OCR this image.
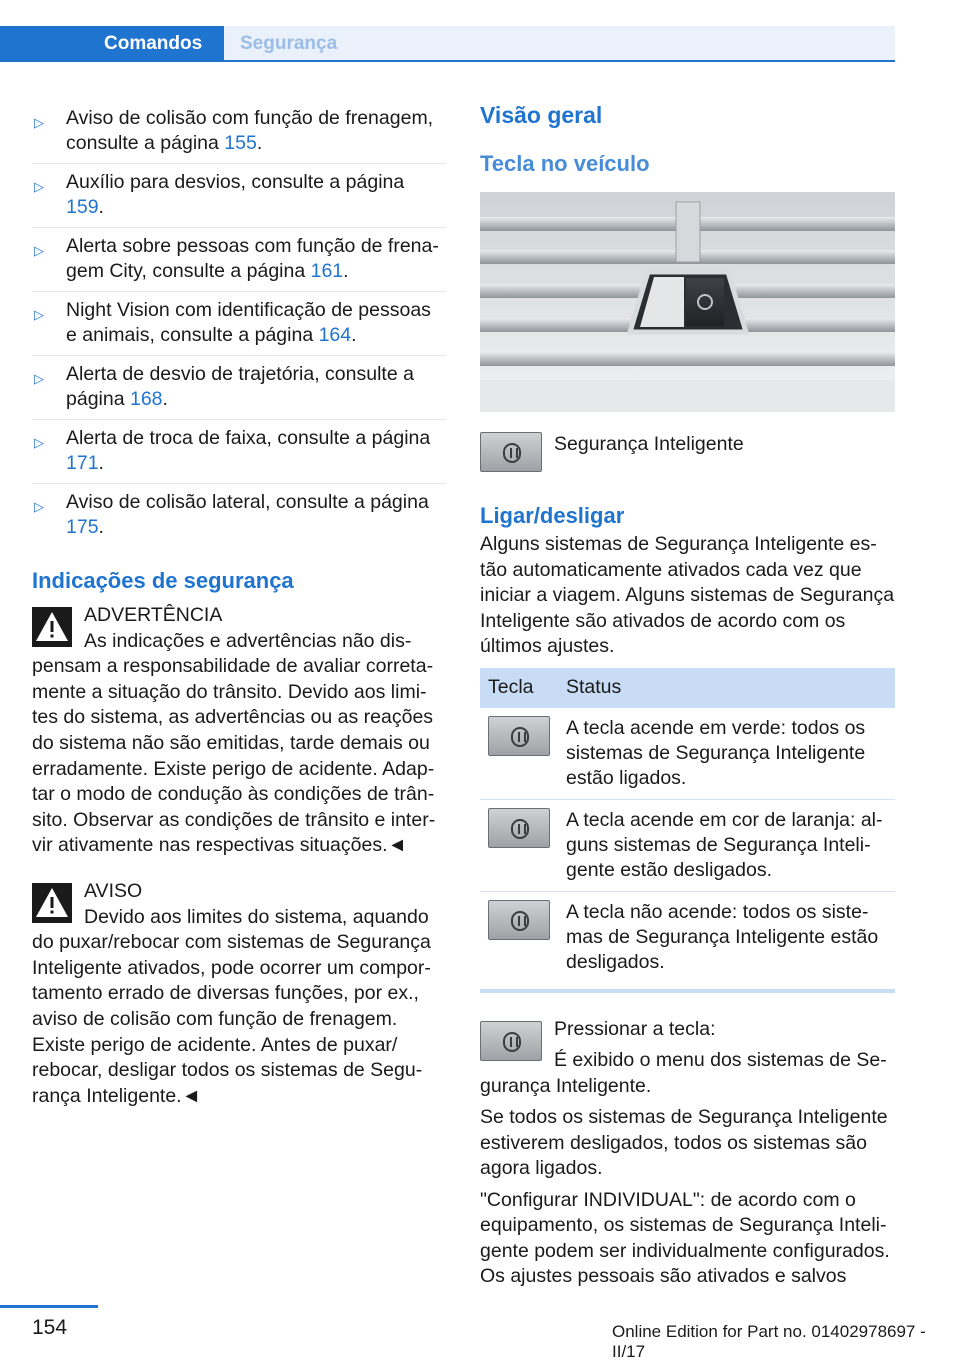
Comandos	Segurança
▷ Aviso de colisão com função de frenagem, consulte a página 155.
▷ Auxílio para desvios, consulte a página 159.
▷ Alerta sobre pessoas com função de frenagem City, consulte a página 161.
▷ Night Vision com identificação de pessoas e animais, consulte a página 164.
▷ Alerta de desvio de trajetória, consulte a página 168.
▷ Alerta de troca de faixa, consulte a página 171.
▷ Aviso de colisão lateral, consulte a página 175.
Indicações de segurança
ADVERTÊNCIA
As indicações e advertências não dispensam a responsabilidade de avaliar corretamente a situação do trânsito. Devido aos limites do sistema, as advertências ou as reações do sistema não são emitidas, tarde demais ou erradamente. Existe perigo de acidente. Adaptar o modo de condução às condições de trânsito. Observar as condições de trânsito e intervir ativamente nas respectivas situações.◄
AVISO
Devido aos limites do sistema, aquando do puxar/rebocar com sistemas de Segurança Inteligente ativados, pode ocorrer um comportamento errado de diversas funções, por ex., aviso de colisão com função de frenagem. Existe perigo de acidente. Antes de puxar/ rebocar, desligar todos os sistemas de Segurança Inteligente.◄
Visão geral
Tecla no veículo
Segurança Inteligente
Ligar/desligar
Alguns sistemas de Segurança Inteligente estão automaticamente ativados cada vez que iniciar a viagem. Alguns sistemas de Segurança Inteligente são ativados de acordo com os últimos ajustes.
Tecla	Status

	A tecla acende em verde: todos os sistemas de Segurança Inteligente estão ligados.

	A tecla acende em cor de laranja: alguns sistemas de Segurança Inteligente estão desligados.

	A tecla não acende: todos os sistemas de Segurança Inteligente estão desligados.
Pressionar a tecla:
É exibido o menu dos sistemas de Segurança Inteligente.
Se todos os sistemas de Segurança Inteligente estiverem desligados, todos os sistemas são agora ligados.
"Configurar INDIVIDUAL": de acordo com o equipamento, os sistemas de Segurança Inteligente podem ser individualmente configurados. Os ajustes pessoais são ativados e salvos
154	Online Edition for Part no. 01402978697 - II/17
